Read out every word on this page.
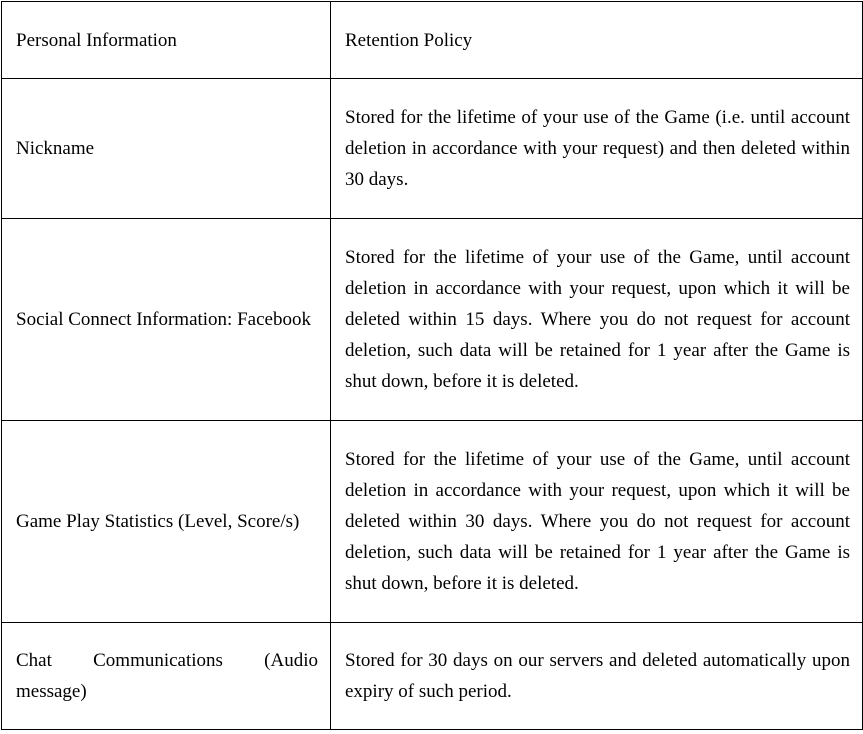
Personal Information	Retention Policy

Nickname	Stored for the lifetime of your use of the Game (i.e. until account deletion in accordance with your request) and then deleted within 30 days.

Social Connect Information: Facebook	Stored for the lifetime of your use of the Game, until account deletion in accordance with your request, upon which it will be deleted within 15 days. Where you do not request for account deletion, such data will be retained for 1 year after the Game is shut down, before it is deleted.

Game Play Statistics (Level, Score/s)	Stored for the lifetime of your use of the Game, until account deletion in accordance with your request, upon which it will be deleted within 30 days. Where you do not request for account deletion, such data will be retained for 1 year after the Game is shut down, before it is deleted.

Chat Communications (Audio message)	Stored for 30 days on our servers and deleted automatically upon expiry of such period.
